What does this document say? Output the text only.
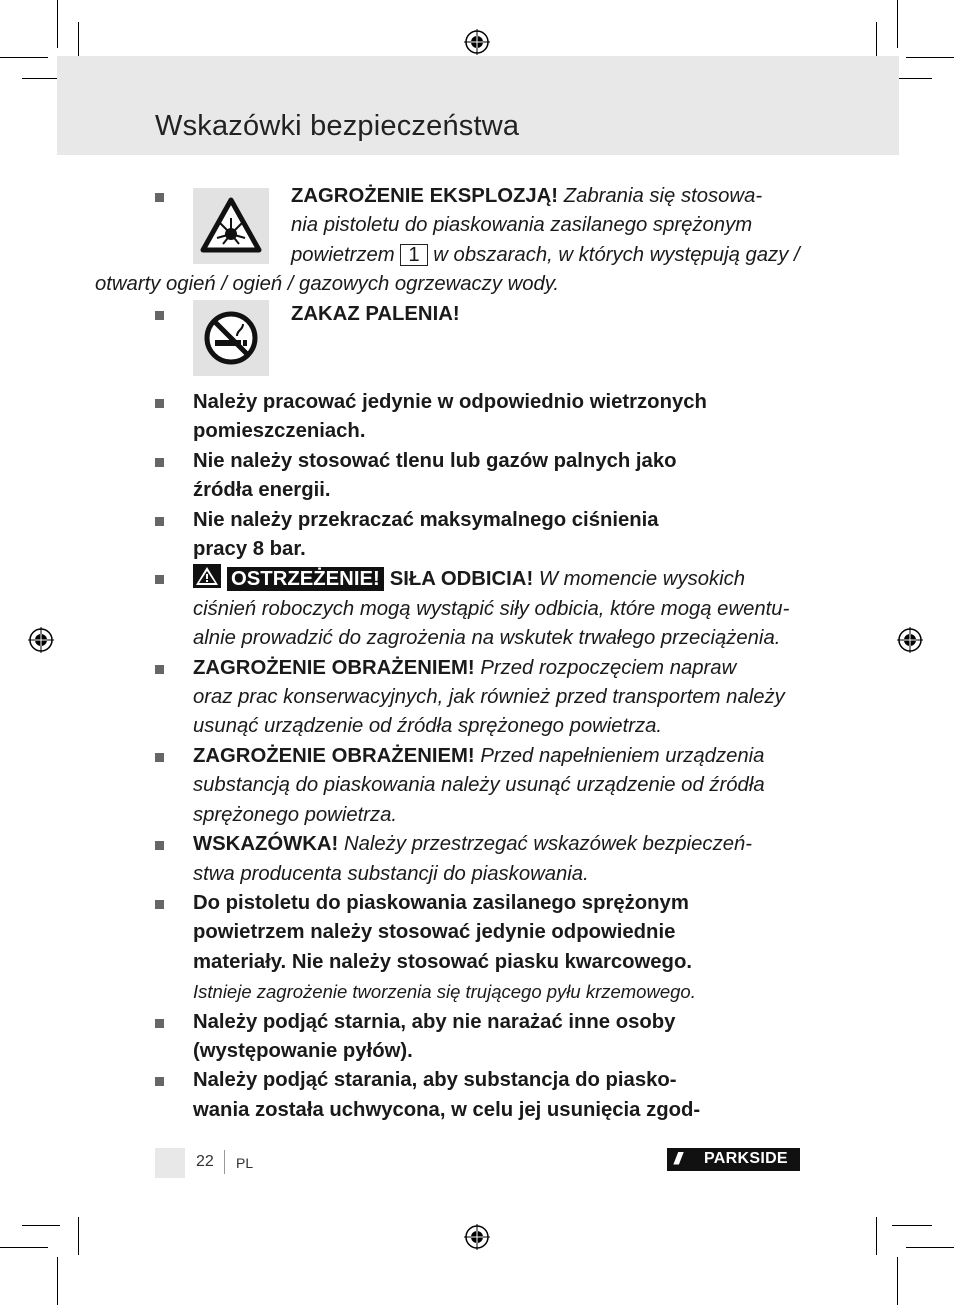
Wskazówki bezpieczeństwa
ZAGROŻENIE EKSPLOZJĄ! Zabrania się stosowa-
nia pistoletu do piaskowania zasilanego sprężonym
powietrzem 1 w obszarach, w których występują gazy /
otwarty ogień / ogień / gazowych ogrzewaczy wody.
ZAKAZ PALENIA!
Należy pracować jedynie w odpowiednio wietrzonych
pomieszczeniach.
Nie należy stosować tlenu lub gazów palnych jako
źródła energii.
Nie należy przekraczać maksymalnego ciśnienia
pracy 8 bar.
OSTRZEŻENIE! SIŁA ODBICIA! W momencie wysokich
ciśnień roboczych mogą wystąpić siły odbicia, które mogą ewentu-
alnie prowadzić do zagrożenia na wskutek trwałego przeciążenia.
ZAGROŻENIE OBRAŻENIEM! Przed rozpoczęciem napraw
oraz prac konserwacyjnych, jak również przed transportem należy
usunąć urządzenie od źródła sprężonego powietrza.
ZAGROŻENIE OBRAŻENIEM! Przed napełnieniem urządzenia
substancją do piaskowania należy usunąć urządzenie od źródła
sprężonego powietrza.
WSKAZÓWKA! Należy przestrzegać wskazówek bezpieczeń-
stwa producenta substancji do piaskowania.
Do pistoletu do piaskowania zasilanego sprężonym
powietrzem należy stosować jedynie odpowiednie
materiały. Nie należy stosować piasku kwarcowego.
Istnieje zagrożenie tworzenia się trującego pyłu krzemowego.
Należy podjąć starnia, aby nie narażać inne osoby
(występowanie pyłów).
Należy podjąć starania, aby substancja do piasko-
wania została uchwycona, w celu jej usunięcia zgod-
22 PL	/// PARKSIDE
